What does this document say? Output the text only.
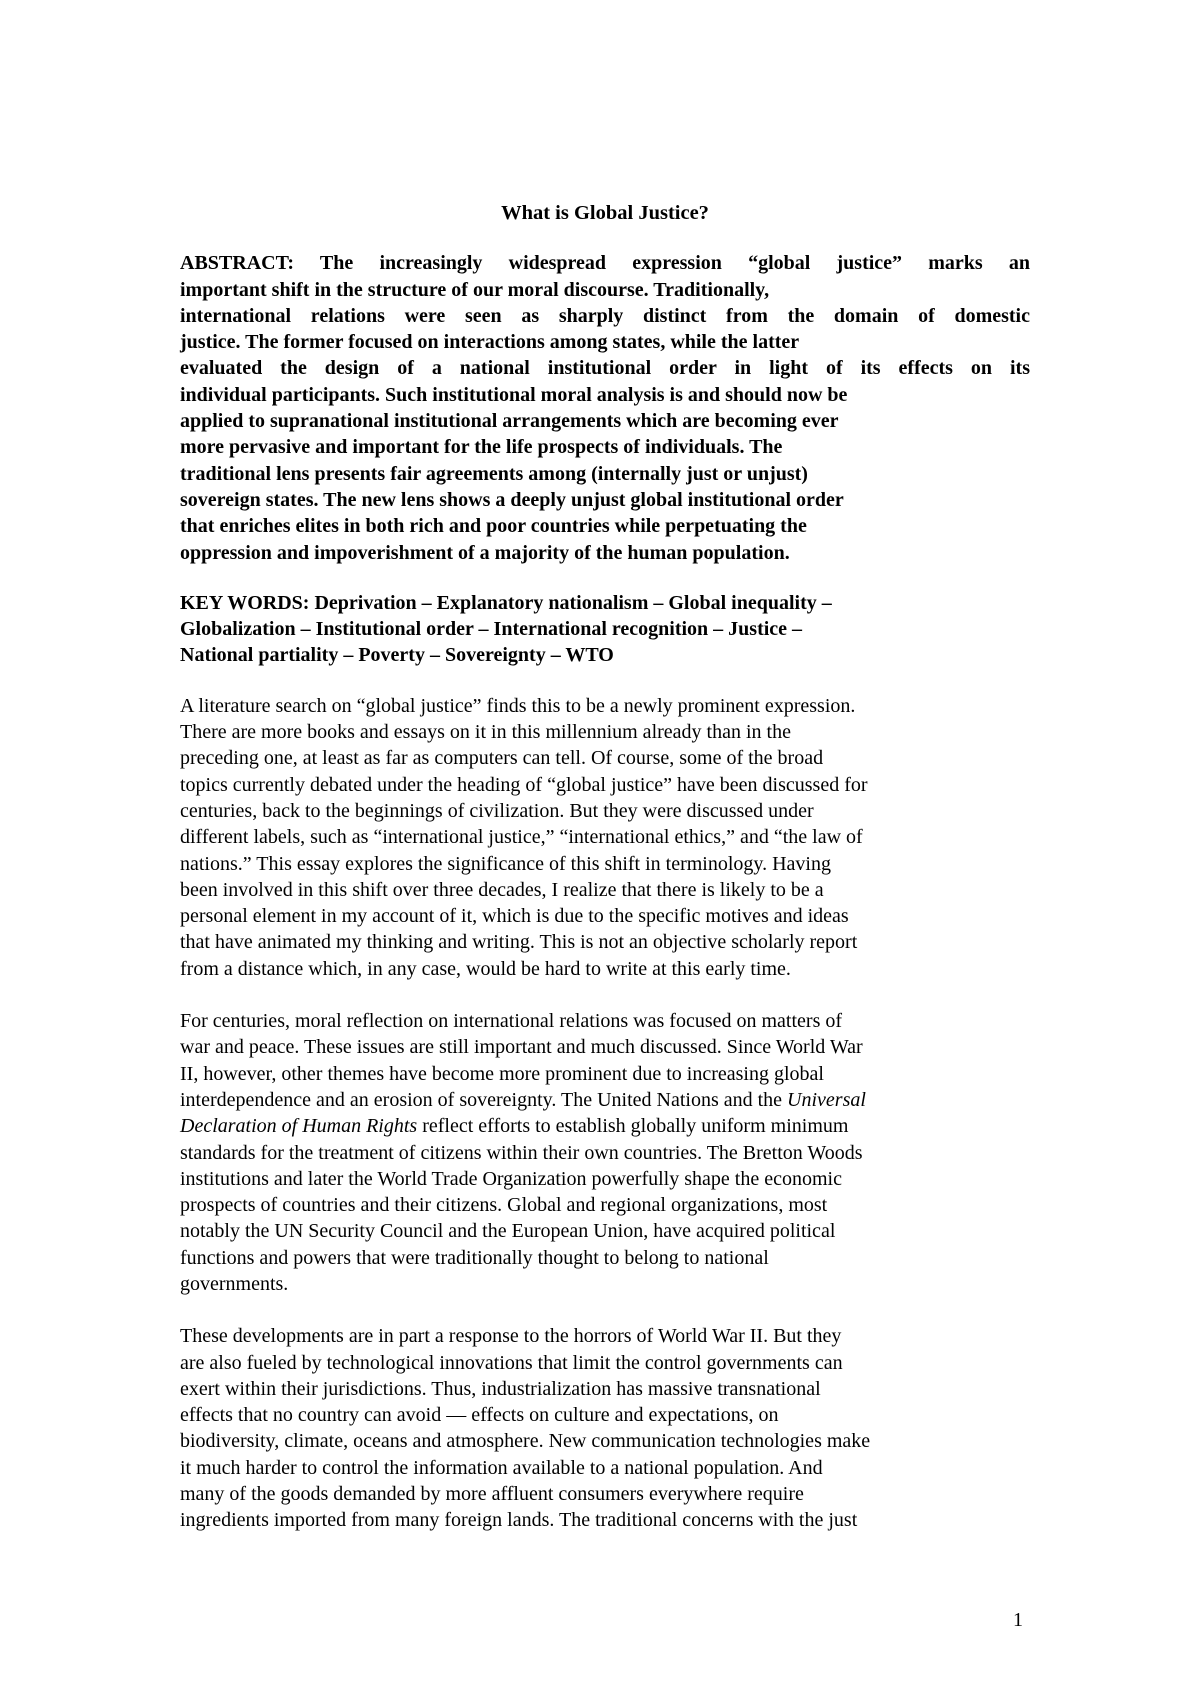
What is Global Justice?
ABSTRACT: The increasingly widespread expression “global justice” marks an
important shift in the structure of our moral discourse. Traditionally,
international relations were seen as sharply distinct from the domain of domestic
justice. The former focused on interactions among states, while the latter
evaluated the design of a national institutional order in light of its effects on its
individual participants. Such institutional moral analysis is and should now be
applied to supranational institutional arrangements which are becoming ever
more pervasive and important for the life prospects of individuals. The
traditional lens presents fair agreements among (internally just or unjust)
sovereign states. The new lens shows a deeply unjust global institutional order
that enriches elites in both rich and poor countries while perpetuating the
oppression and impoverishment of a majority of the human population.
KEY WORDS: Deprivation – Explanatory nationalism – Global inequality –
Globalization – Institutional order – International recognition – Justice –
National partiality – Poverty – Sovereignty – WTO
A literature search on “global justice” finds this to be a newly prominent expression.
There are more books and essays on it in this millennium already than in the
preceding one, at least as far as computers can tell. Of course, some of the broad
topics currently debated under the heading of “global justice” have been discussed for
centuries, back to the beginnings of civilization. But they were discussed under
different labels, such as “international justice,” “international ethics,” and “the law of
nations.” This essay explores the significance of this shift in terminology. Having
been involved in this shift over three decades, I realize that there is likely to be a
personal element in my account of it, which is due to the specific motives and ideas
that have animated my thinking and writing. This is not an objective scholarly report
from a distance which, in any case, would be hard to write at this early time.
For centuries, moral reflection on international relations was focused on matters of
war and peace. These issues are still important and much discussed. Since World War
II, however, other themes have become more prominent due to increasing global
interdependence and an erosion of sovereignty. The United Nations and the Universal
Declaration of Human Rights reflect efforts to establish globally uniform minimum
standards for the treatment of citizens within their own countries. The Bretton Woods
institutions and later the World Trade Organization powerfully shape the economic
prospects of countries and their citizens. Global and regional organizations, most
notably the UN Security Council and the European Union, have acquired political
functions and powers that were traditionally thought to belong to national
governments.
These developments are in part a response to the horrors of World War II. But they
are also fueled by technological innovations that limit the control governments can
exert within their jurisdictions. Thus, industrialization has massive transnational
effects that no country can avoid — effects on culture and expectations, on
biodiversity, climate, oceans and atmosphere. New communication technologies make
it much harder to control the information available to a national population. And
many of the goods demanded by more affluent consumers everywhere require
ingredients imported from many foreign lands. The traditional concerns with the just
1
